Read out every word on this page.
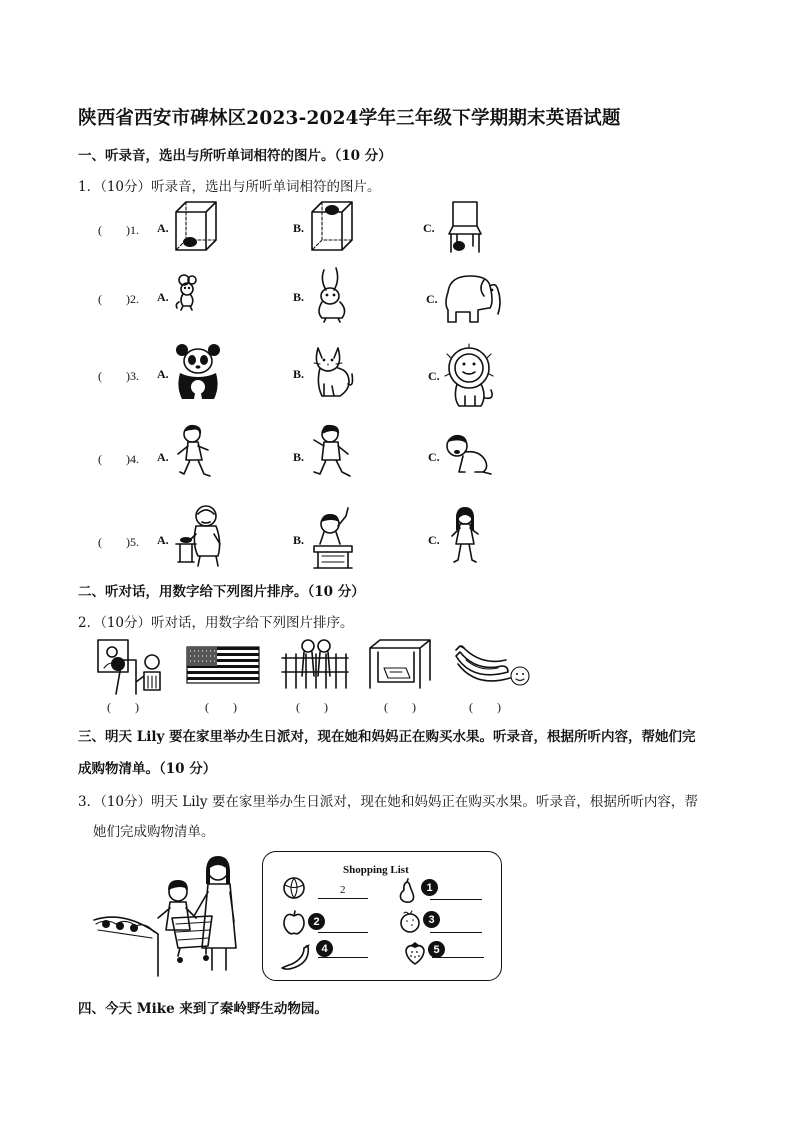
陕西省西安市碑林区2023-2024学年三年级下学期期末英语试题
一、听录音，选出与所听单词相符的图片。（10 分）
1．（10分）听录音，选出与所听单词相符的图片。
(　　)1. A.	B.	C.
(　　)2. A.	B.	C.
(　　)3. A.	B.	C.
(　　)4. A.	B.	C.
(　　)5. A.	B.	C.
二、听对话，用数字给下列图片排序。（10 分）
2．（10分）听对话，用数字给下列图片排序。
(　　)	(　　)	(　　)	(　　)	(　　)
三、明天 Lily 要在家里举办生日派对，现在她和妈妈正在购买水果。听录音，根据所听内容，帮她们完
成购物清单。（10 分）
3．（10分）明天 Lily 要在家里举办生日派对，现在她和妈妈正在购买水果。听录音，根据所听内容，帮
她们完成购物清单。
Shopping List
2	1
2	3
4	5
四、今天 Mike 来到了秦岭野生动物园。
